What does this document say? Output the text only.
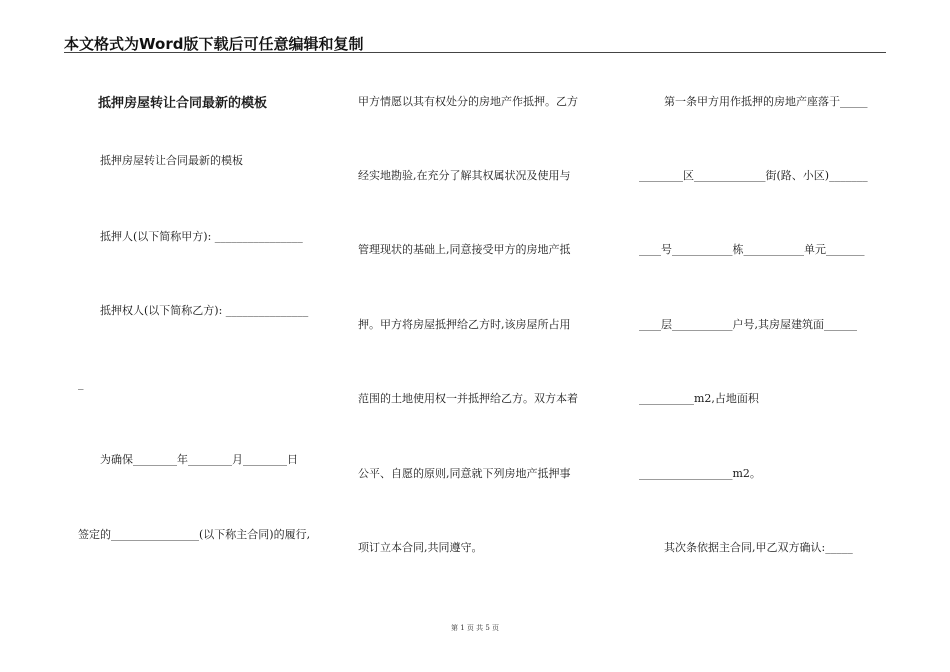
本文格式为Word版下载后可任意编辑和复制
抵押房屋转让合同最新的模板
抵押房屋转让合同最新的模板
抵押人(以下简称甲方): ________________
抵押权人(以下简称乙方): _______________
_
为确保________年________月________日
签定的________________(以下称主合同)的履行,
甲方情愿以其有权处分的房地产作抵押。乙方
经实地勘验,在充分了解其权属状况及使用与
管理现状的基础上,同意接受甲方的房地产抵
押。甲方将房屋抵押给乙方时,该房屋所占用
范围的土地使用权一并抵押给乙方。双方本着
公平、自愿的原则,同意就下列房地产抵押事
项订立本合同,共同遵守。
第一条甲方用作抵押的房地产座落于_____
________区_____________街(路、小区)_______
____号___________栋___________单元_______
____层___________户号,其房屋建筑面______
__________m2,占地面积
_________________m2。
其次条依据主合同,甲乙双方确认:_____
第 1 页 共 5 页
